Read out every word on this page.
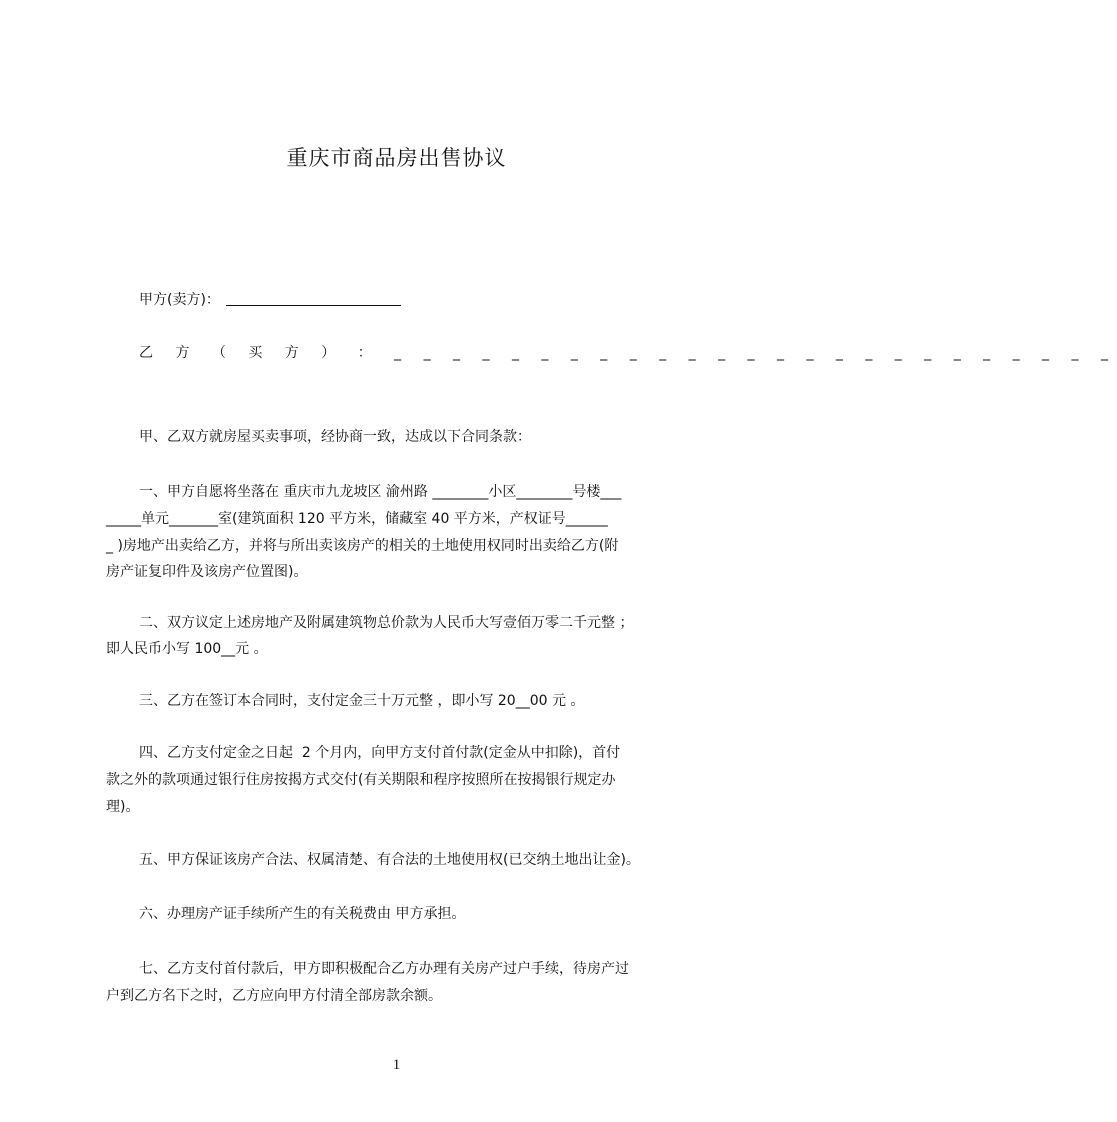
重庆市商品房出售协议
甲方(卖方)：
乙 方 （ 买 方 ） ： _ _ _ _ _ _ _ _ _ _ _ _ _ _ _ _ _ _ _ _ _ _ _ _ _
甲、乙双方就房屋买卖事项，经协商一致，达成以下合同条款：
一、甲方自愿将坐落在 重庆市九龙坡区 渝州路 ________小区________号楼___
_____单元_______室(建筑面积 120 平方米，储藏室 40 平方米，产权证号______
_ )房地产出卖给乙方，并将与所出卖该房产的相关的土地使用权同时出卖给乙方(附
房产证复印件及该房产位置图)。
二、双方议定上述房地产及附属建筑物总价款为人民币大写壹佰万零二千元整 ；
即人民币小写 100__元 。
三、乙方在签订本合同时，支付定金三十万元整 ，即小写 20__00 元 。
四、乙方支付定金之日起  2 个月内，向甲方支付首付款(定金从中扣除)，首付
款之外的款项通过银行住房按揭方式交付(有关期限和程序按照所在按揭银行规定办
理)。
五、甲方保证该房产合法、权属清楚、有合法的土地使用权(已交纳土地出让金)。
六、办理房产证手续所产生的有关税费由 甲方承担。
七、乙方支付首付款后，甲方即积极配合乙方办理有关房产过户手续，待房产过
户到乙方名下之时，乙方应向甲方付清全部房款余额。
1
